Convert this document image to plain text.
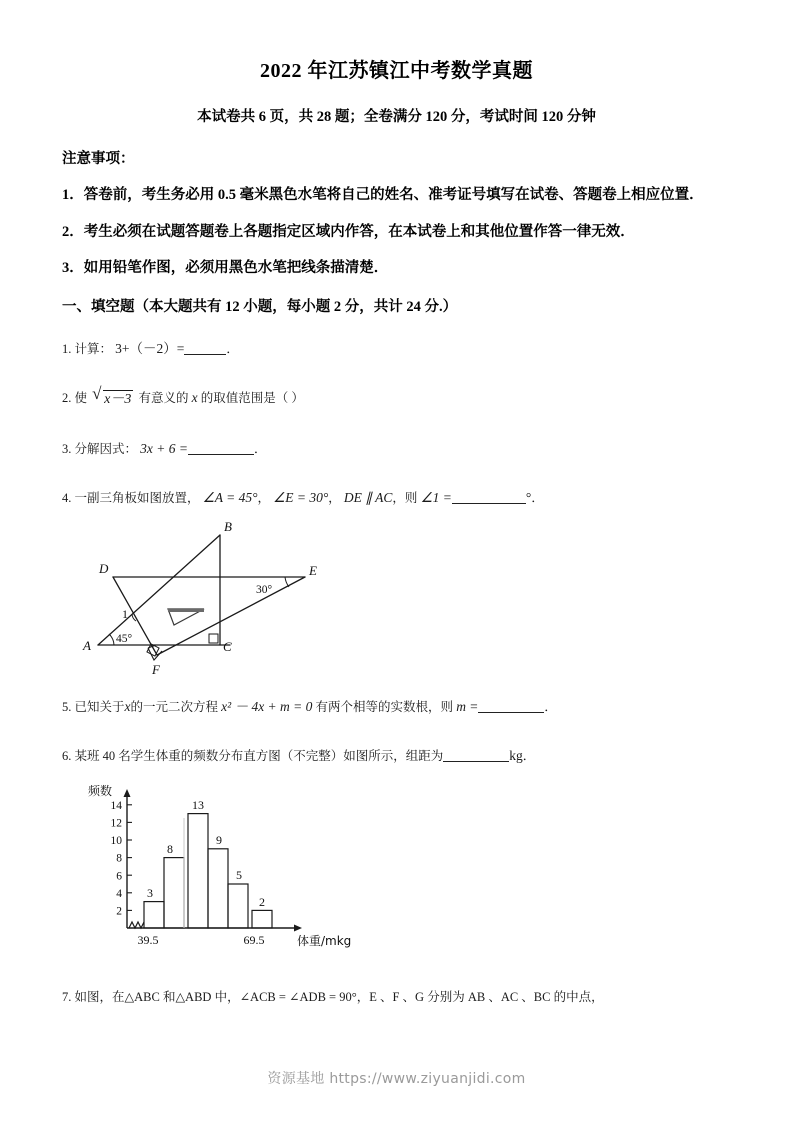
2022 年江苏镇江中考数学真题
本试卷共 6 页，共 28 题；全卷满分 120 分，考试时间 120 分钟
注意事项：
1．答卷前，考生务必用 0.5 毫米黑色水笔将自己的姓名、准考证号填写在试卷、答题卷上相应位置．
2．考生必须在试题答题卷上各题指定区域内作答，在本试卷上和其他位置作答一律无效．
3．如用铅笔作图，必须用黑色水笔把线条描清楚．
一、填空题（本大题共有 12 小题，每小题 2 分，共计 24 分.）
1. 计算： 3+（－2）=	．
2. 使 √ x－3 有意义的 x 的取值范围是（ ）
3. 分解因式： 3x + 6 =	．
4. 一副三角板如图放置， ∠A = 45°， ∠E = 30°， DE ∥ AC，则 ∠1 =	°．
B
D	E
A	C
F
1
45°
30°
5. 已知关于x的一元二次方程 x² － 4x + m = 0 有两个相等的实数根，则 m =	．
6. 某班 40 名学生体重的频数分布直方图（不完整）如图所示，组距为	kg．
2
4
6
8
10
12
14
频数
3
8
13
9
5
2
39.5	69.5	体重/mkg
7. 如图，在△ABC 和△ABD 中，∠ACB = ∠ADB = 90°，E 、F 、G 分别为 AB 、AC 、BC 的中点，
资源基地 https://www.ziyuanjidi.com
